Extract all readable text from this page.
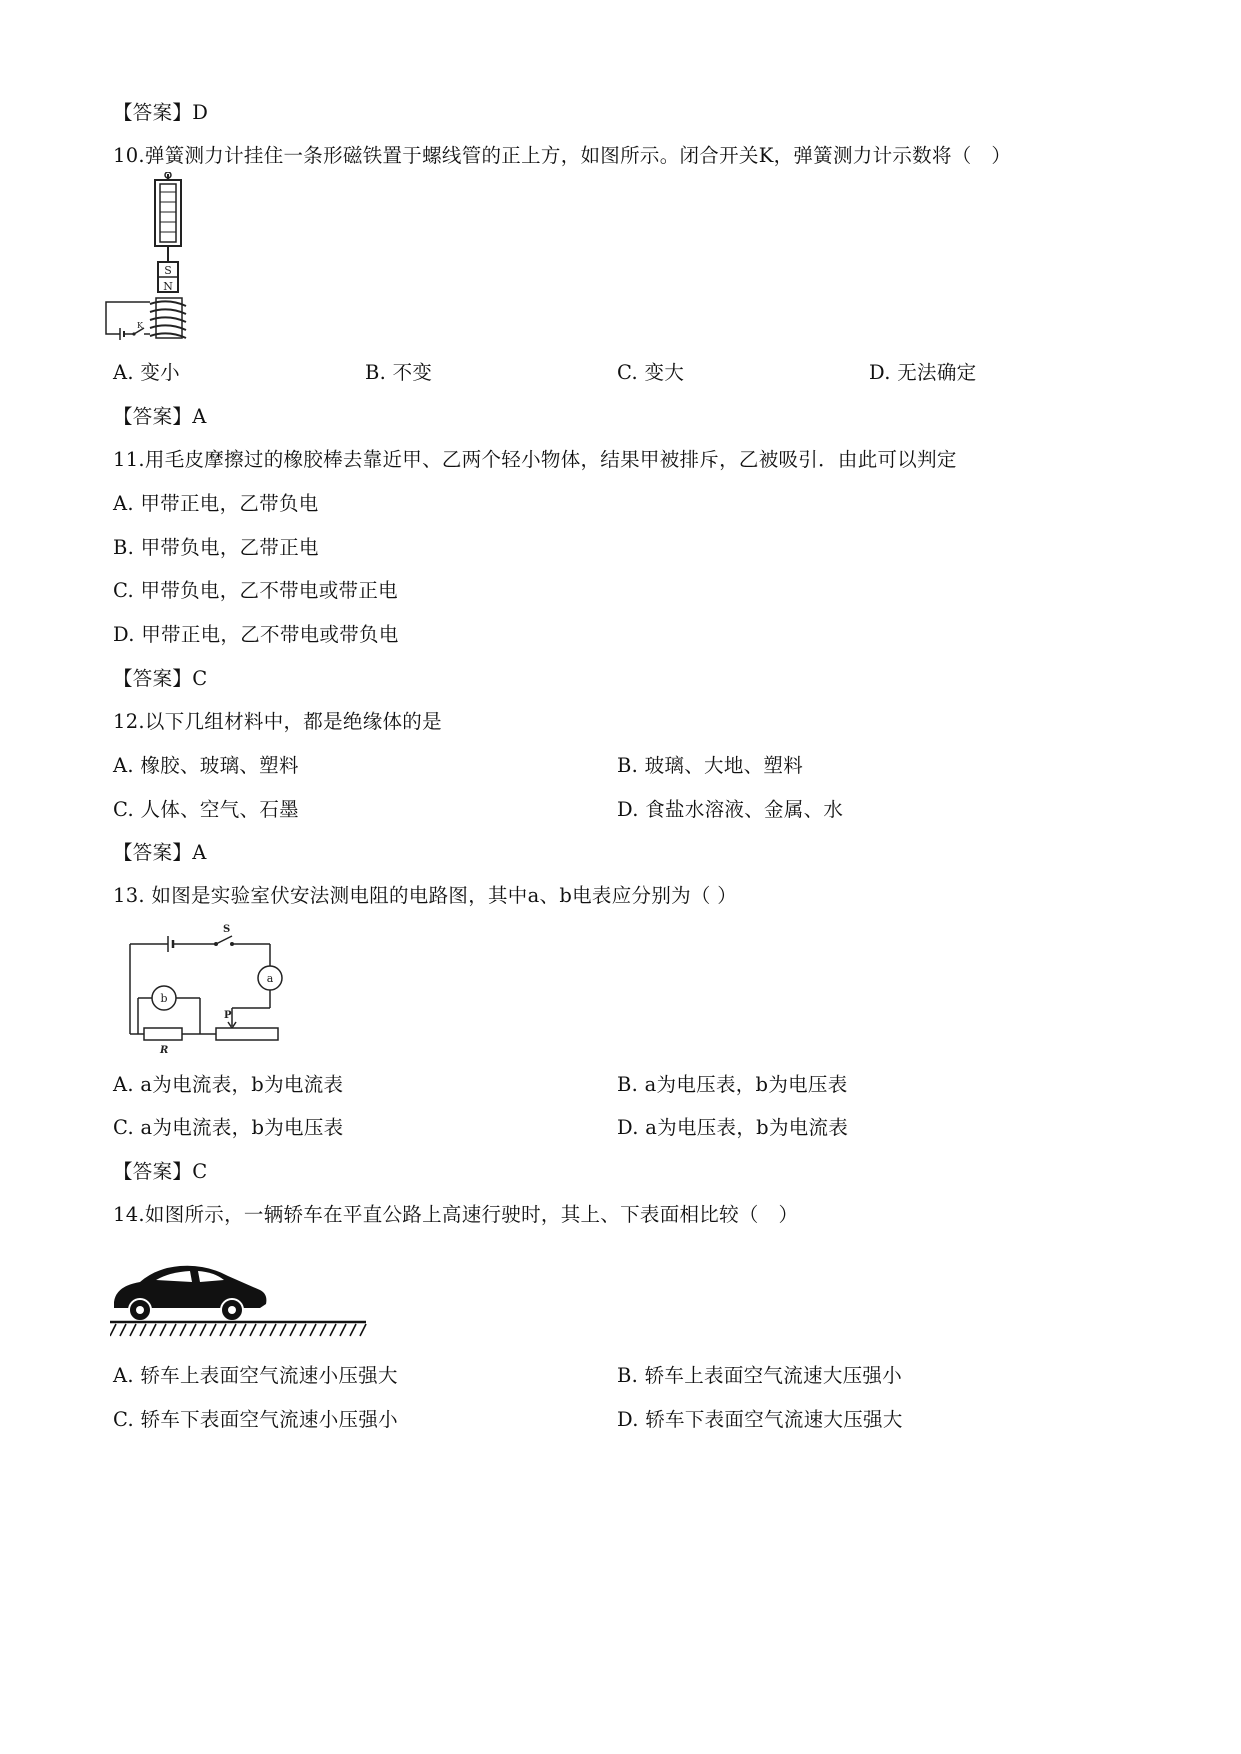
【答案】D
10.弹簧测力计挂住一条形磁铁置于螺线管的正上方，如图所示。闭合开关K，弹簧测力计示数将（　）
S
N
K
A. 变小	B. 不变	C. 变大	D. 无法确定
【答案】A
11.用毛皮摩擦过的橡胶棒去靠近甲、乙两个轻小物体，结果甲被排斥，乙被吸引．由此可以判定
A. 甲带正电，乙带负电
B. 甲带负电，乙带正电
C. 甲带负电，乙不带电或带正电
D. 甲带正电，乙不带电或带负电
【答案】C
12.以下几组材料中，都是绝缘体的是
A. 橡胶、玻璃、塑料	B. 玻璃、大地、塑料
C. 人体、空气、石墨	D. 食盐水溶液、金属、水
【答案】A
13. 如图是实验室伏安法测电阻的电路图，其中a、b电表应分别为（ ）
S
a
P
R
b
A. a为电流表，b为电流表	B. a为电压表，b为电压表
C. a为电流表，b为电压表	D. a为电压表，b为电流表
【答案】C
14.如图所示，一辆轿车在平直公路上高速行驶时，其上、下表面相比较（　）
A. 轿车上表面空气流速小压强大	B. 轿车上表面空气流速大压强小
C. 轿车下表面空气流速小压强小	D. 轿车下表面空气流速大压强大
